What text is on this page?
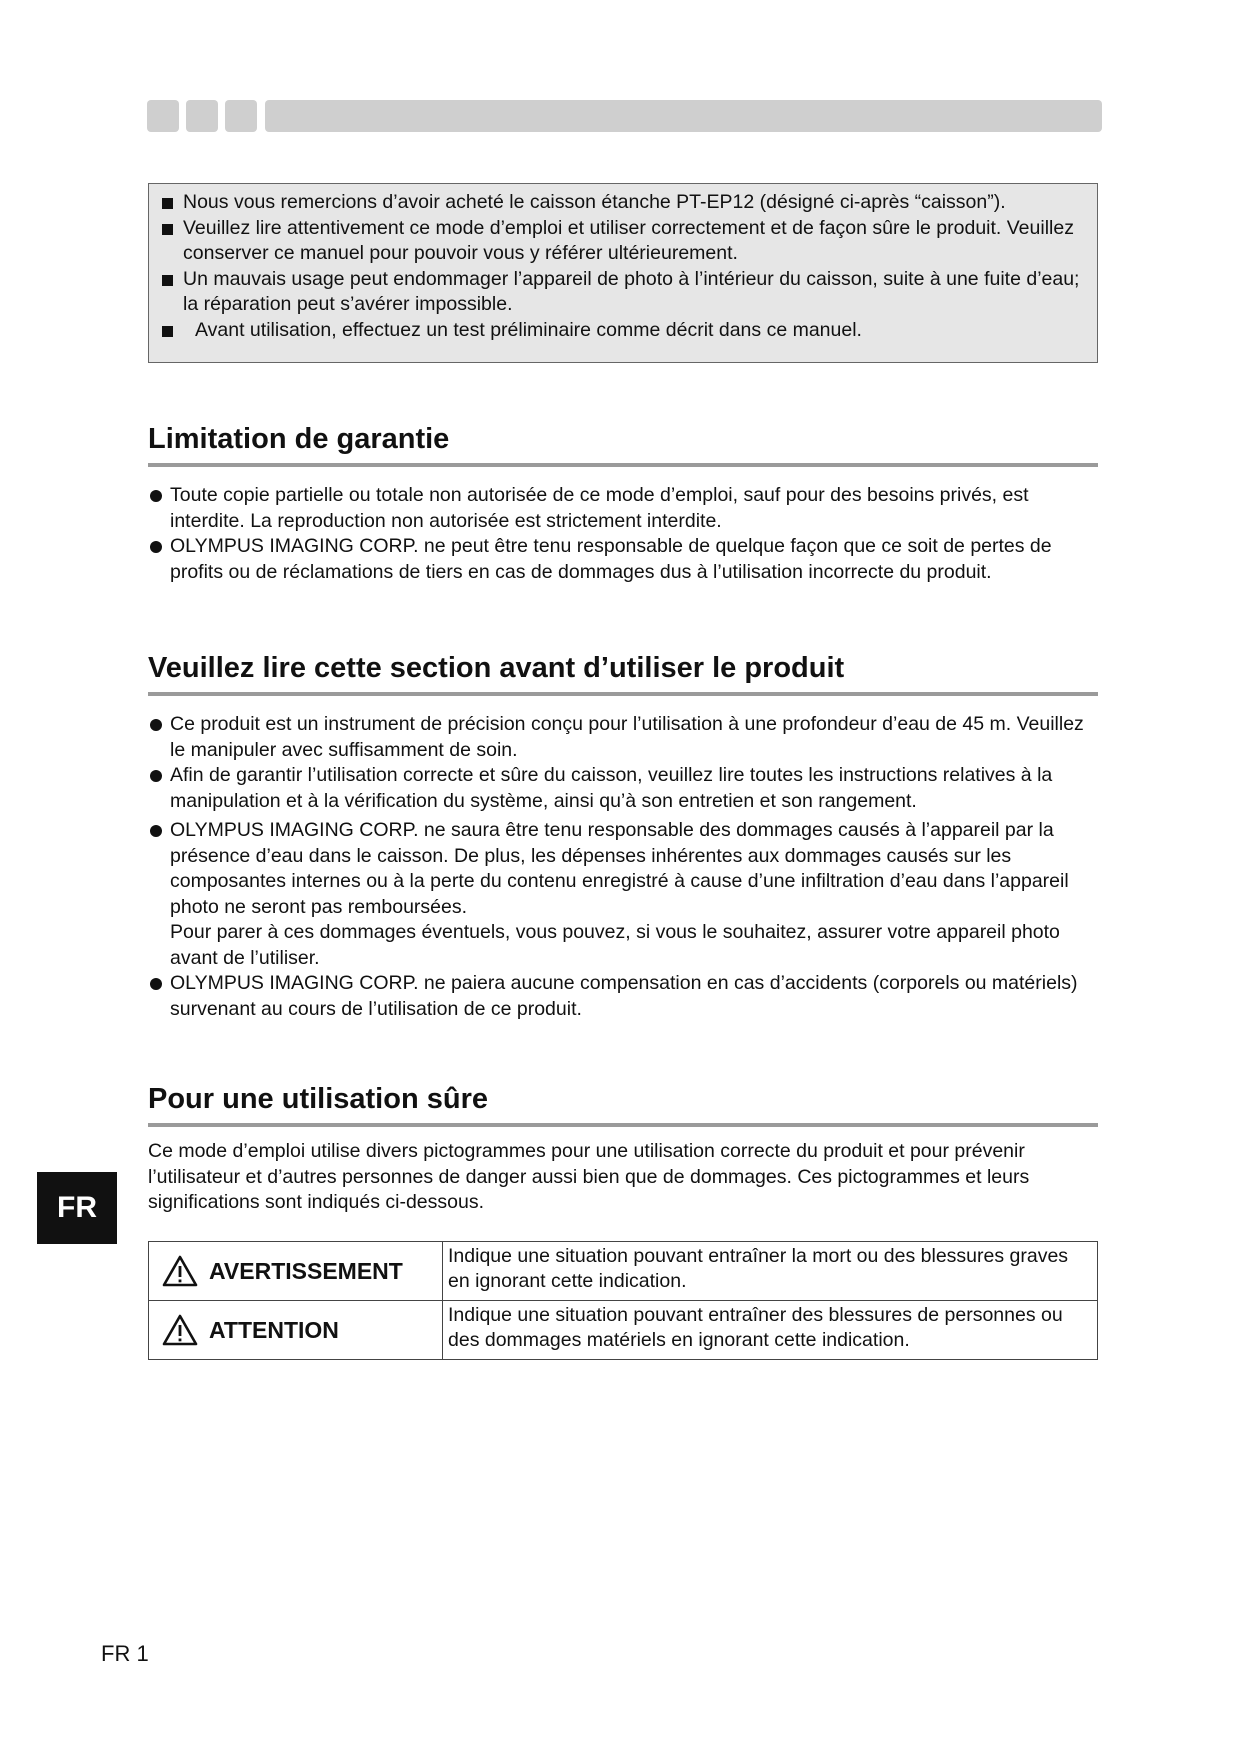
Nous vous remercions d’avoir acheté le caisson étanche PT-EP12 (désigné ci-après “caisson”).
Veuillez lire attentivement ce mode d’emploi et utiliser correctement et de façon sûre le produit. Veuillez conserver ce manuel pour pouvoir vous y référer ultérieurement.
Un mauvais usage peut endommager l’appareil de photo à l’intérieur du caisson, suite à une fuite d’eau; la réparation peut s’avérer impossible.
Avant utilisation, effectuez un test préliminaire comme décrit dans ce manuel.
Limitation de garantie
Toute copie partielle ou totale non autorisée de ce mode d’emploi, sauf pour des besoins privés, est interdite. La reproduction non autorisée est strictement interdite.
OLYMPUS IMAGING CORP. ne peut être tenu responsable de quelque façon que ce soit de pertes de profits ou de réclamations de tiers en cas de dommages dus à l’utilisation incorrecte du produit.
Veuillez lire cette section avant d’utiliser le produit
Ce produit est un instrument de précision conçu pour l’utilisation à une profondeur d’eau de 45 m. Veuillez le manipuler avec suffisamment de soin.
Afin de garantir l’utilisation correcte et sûre du caisson, veuillez lire toutes les instructions relatives à la manipulation et à la vérification du système, ainsi qu’à son entretien et son rangement.
OLYMPUS IMAGING CORP. ne saura être tenu responsable des dommages causés à l’appareil par la présence d’eau dans le caisson. De plus, les dépenses inhérentes aux dommages causés sur les composantes internes ou à la perte du contenu enregistré à cause d’une infiltration d’eau dans l’appareil photo ne seront pas remboursées.
Pour parer à ces dommages éventuels, vous pouvez, si vous le souhaitez, assurer votre appareil photo avant de l’utiliser.
OLYMPUS IMAGING CORP. ne paiera aucune compensation en cas d’accidents (corporels ou matériels) survenant au cours de l’utilisation de ce produit.
Pour une utilisation sûre
Ce mode d’emploi utilise divers pictogrammes pour une utilisation correcte du produit et pour prévenir l’utilisateur et d’autres personnes de danger aussi bien que de dommages. Ces pictogrammes et leurs significations sont indiqués ci-dessous.
AVERTISSEMENT	Indique une situation pouvant entraîner la mort ou des blessures graves en ignorant cette indication.

ATTENTION	Indique une situation pouvant entraîner des blessures de personnes ou des dommages matériels en ignorant cette indication.
FR
FR 1
